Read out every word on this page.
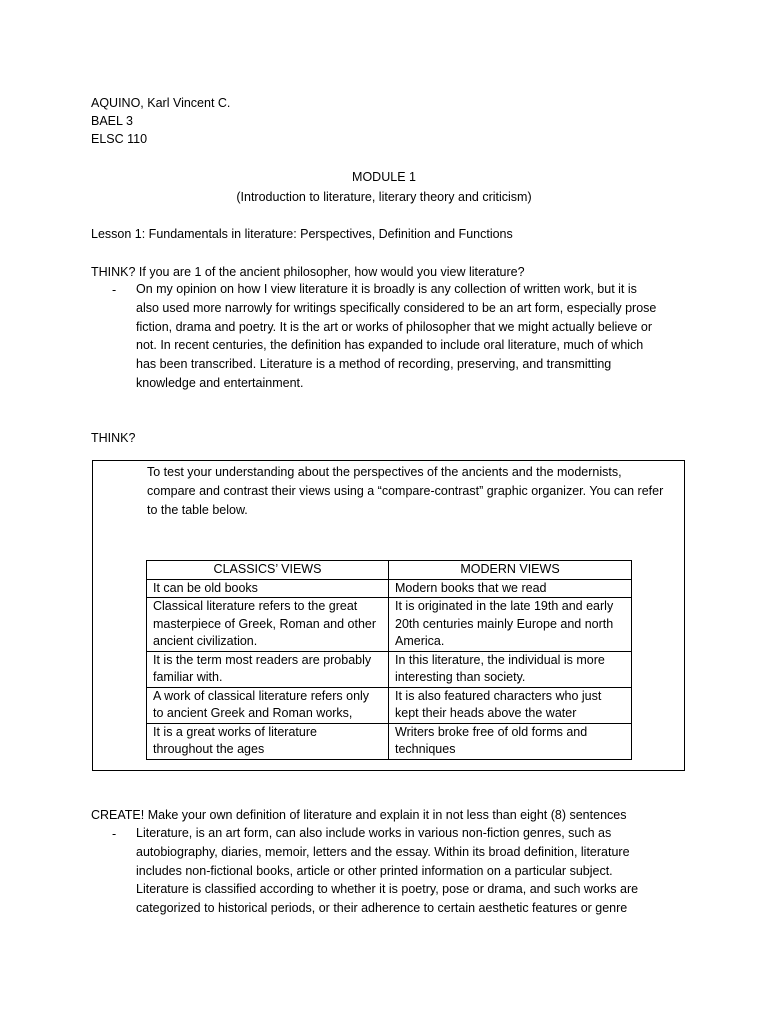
AQUINO, Karl Vincent C.
BAEL 3
ELSC 110
MODULE 1
(Introduction to literature, literary theory and criticism)
Lesson 1: Fundamentals in literature: Perspectives, Definition and Functions
THINK? If you are 1 of the ancient philosopher, how would you view literature?
- On my opinion on how I view literature it is broadly is any collection of written work, but it is
also used more narrowly for writings specifically considered to be an art form, especially prose
fiction, drama and poetry. It is the art or works of philosopher that we might actually believe or
not. In recent centuries, the definition has expanded to include oral literature, much of which
has been transcribed. Literature is a method of recording, preserving, and transmitting
knowledge and entertainment.
THINK?
To test your understanding about the perspectives of the ancients and the modernists,
compare and contrast their views using a “compare-contrast” graphic organizer. You can refer
to the table below.
CLASSICS’ VIEWS	MODERN VIEWS

It can be old books	Modern books that we read

Classical literature refers to the great
masterpiece of Greek, Roman and other
ancient civilization.	It is originated in the late 19th and early
20th centuries mainly Europe and north
America.

It is the term most readers are probably
familiar with.	In this literature, the individual is more
interesting than society.

A work of classical literature refers only
to ancient Greek and Roman works,	It is also featured characters who just
kept their heads above the water

It is a great works of literature
throughout the ages	Writers broke free of old forms and
techniques
CREATE! Make your own definition of literature and explain it in not less than eight (8) sentences
- Literature, is an art form, can also include works in various non-fiction genres, such as
autobiography, diaries, memoir, letters and the essay. Within its broad definition, literature
includes non-fictional books, article or other printed information on a particular subject.
Literature is classified according to whether it is poetry, pose or drama, and such works are
categorized to historical periods, or their adherence to certain aesthetic features or genre
